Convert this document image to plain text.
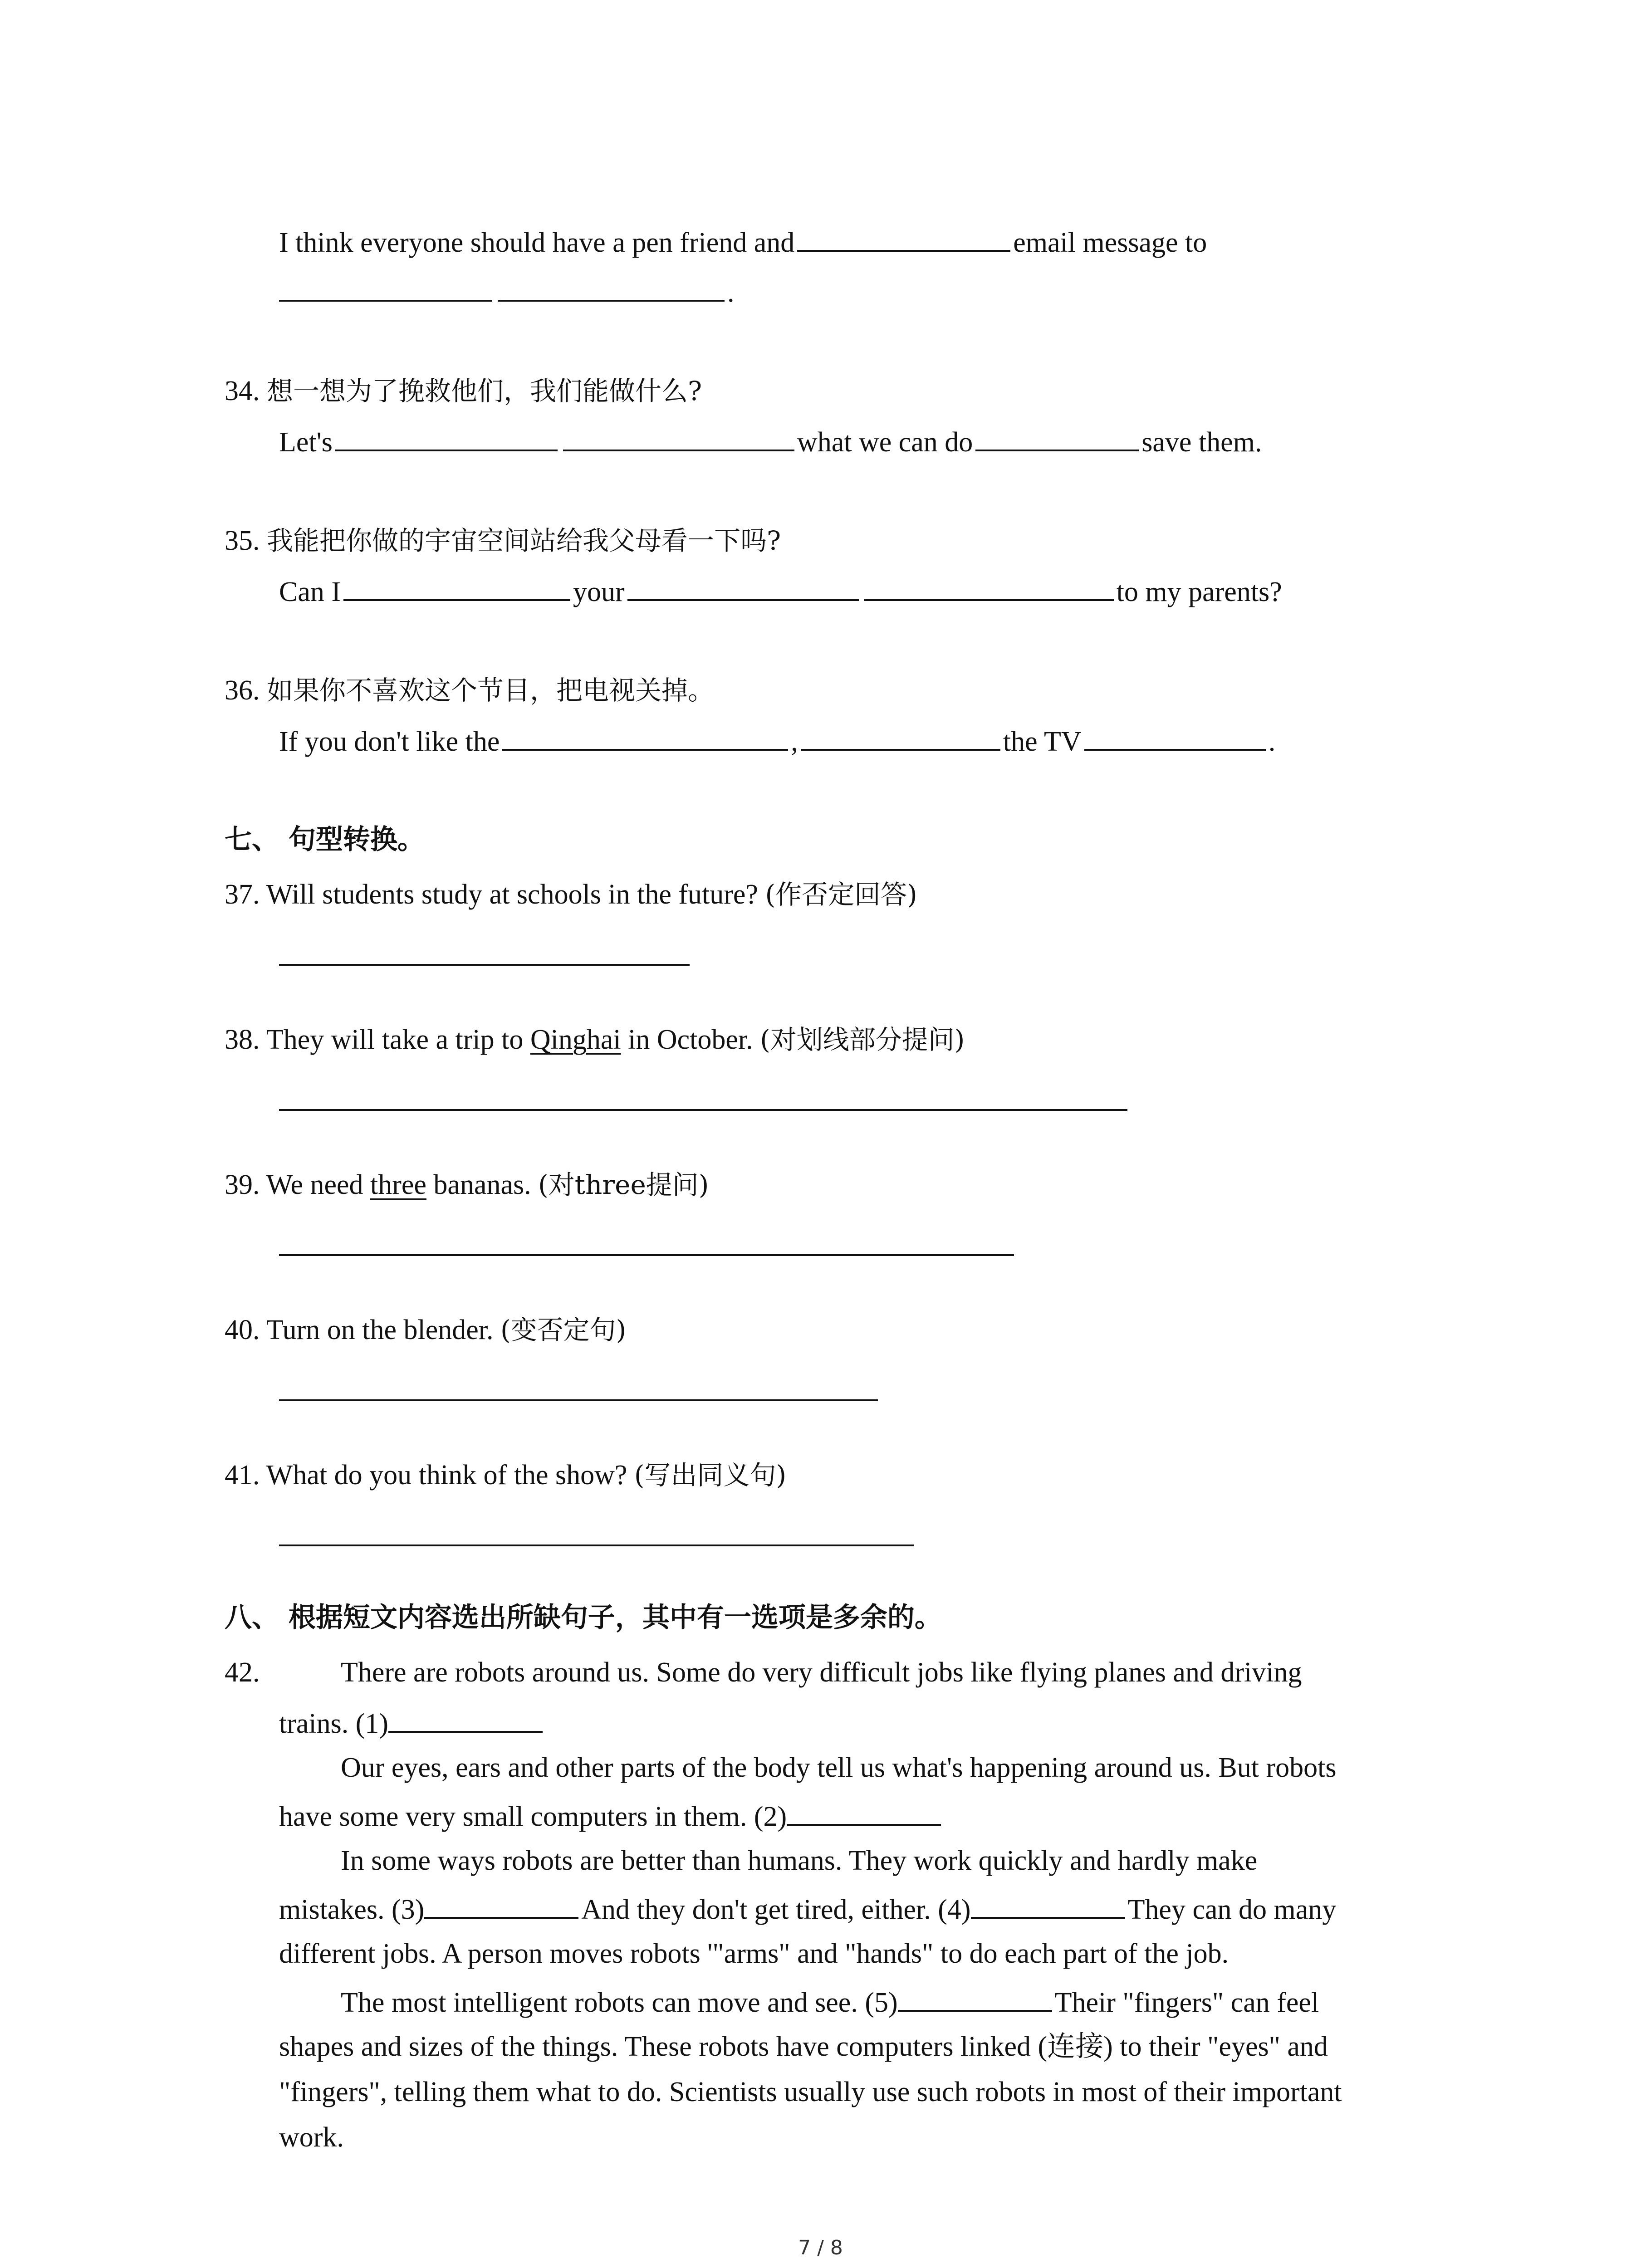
I think everyone should have a pen friend and	email message to
.
34. 想一想为了挽救他们，我们能做什么?
Let's	what we can do	save them.
35. 我能把你做的宇宙空间站给我父母看一下吗?
Can I	your	to my parents?
36. 如果你不喜欢这个节目，把电视关掉。
If you don't like the	,	the TV	.
七、 句型转换。
37. Will students study at schools in the future? (作否定回答)
38. They will take a trip to Qinghai in October. (对划线部分提问)
39. We need three bananas. (对three提问)
40. Turn on the blender. (变否定句)
41. What do you think of the show? (写出同义句)
八、 根据短文内容选出所缺句子，其中有一选项是多余的。
42.	There are robots around us. Some do very difficult jobs like flying planes and driving
trains. (1)
Our eyes, ears and other parts of the body tell us what's happening around us. But robots
have some very small computers in them. (2)
In some ways robots are better than humans. They work quickly and hardly make
mistakes. (3)	And they don't get tired, either. (4)	They can do many
different jobs. A person moves robots '"arms" and "hands" to do each part of the job.
The most intelligent robots can move and see. (5)	Their "fingers" can feel
shapes and sizes of the things. These robots have computers linked (连接) to their "eyes" and
"fingers", telling them what to do. Scientists usually use such robots in most of their important
work.
7 / 8
